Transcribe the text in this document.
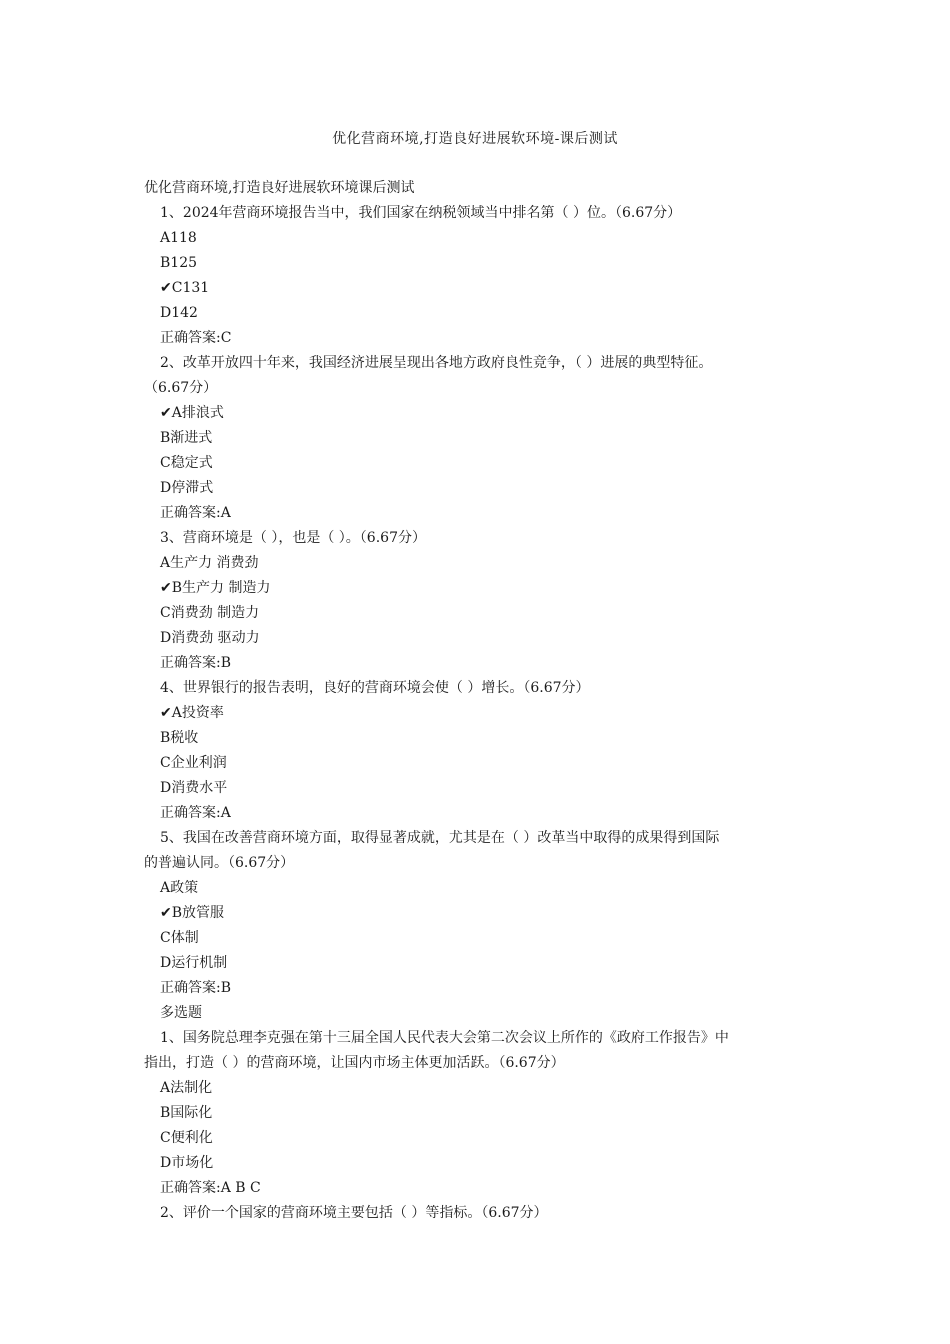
优化营商环境,打造良好进展软环境-课后测试
优化营商环境,打造良好进展软环境课后测试
1、2024年营商环境报告当中，我们国家在纳税领域当中排名第（ ）位。（6.67分）
A118
B125
✔C131
D142
正确答案:C
2、改革开放四十年来，我国经济进展呈现出各地方政府良性竞争，（ ）进展的典型特征。
（6.67分）
✔A排浪式
B渐进式
C稳定式
D停滞式
正确答案:A
3、营商环境是（ ），也是（ ）。（6.67分）
A生产力 消费劲
✔B生产力 制造力
C消费劲 制造力
D消费劲 驱动力
正确答案:B
4、世界银行的报告表明，良好的营商环境会使（ ）增长。（6.67分）
✔A投资率
B税收
C企业利润
D消费水平
正确答案:A
5、我国在改善营商环境方面，取得显著成就，尤其是在（ ）改革当中取得的成果得到国际
的普遍认同。（6.67分）
A政策
✔B放管服
C体制
D运行机制
正确答案:B
多选题
1、国务院总理李克强在第十三届全国人民代表大会第二次会议上所作的《政府工作报告》中
指出，打造（ ）的营商环境，让国内市场主体更加活跃。（6.67分）
A法制化
B国际化
C便利化
D市场化
正确答案:A B C
2、评价一个国家的营商环境主要包括（ ）等指标。（6.67分）
